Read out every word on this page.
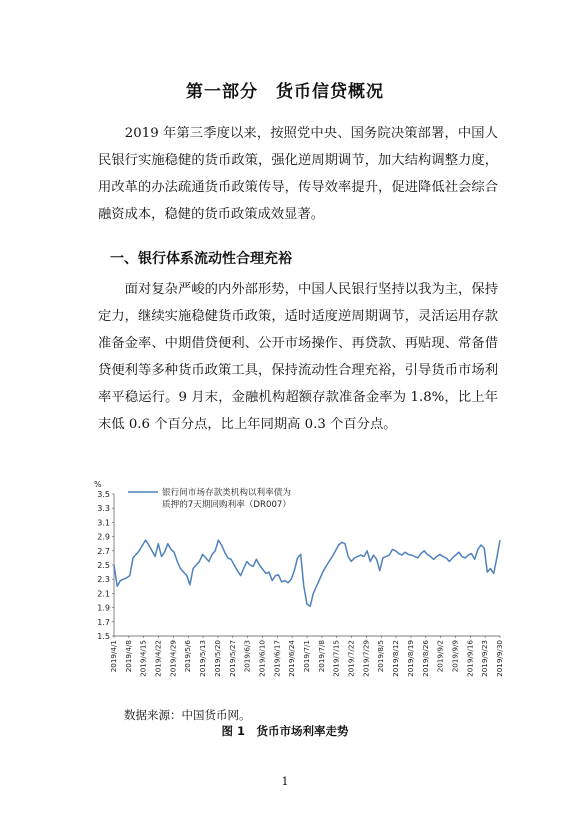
第一部分　货币信贷概况
　　2019 年第三季度以来，按照党中央、国务院决策部署，中国人民银行实施稳健的货币政策，强化逆周期调节，加大结构调整力度，用改革的办法疏通货币政策传导，传导效率提升，促进降低社会综合融资成本，稳健的货币政策成效显著。
一、银行体系流动性合理充裕
　　面对复杂严峻的内外部形势，中国人民银行坚持以我为主，保持定力，继续实施稳健货币政策，适时适度逆周期调节，灵活运用存款准备金率、中期借贷便利、公开市场操作、再贷款、再贴现、常备借贷便利等多种货币政策工具，保持流动性合理充裕，引导货币市场利率平稳运行。9 月末，金融机构超额存款准备金率为 1.8%，比上年末低 0.6 个百分点，比上年同期高 0.3 个百分点。
%
3.5
3.3
3.1
2.9
2.7
2.5
2.3
2.1
1.9
1.7
1.5
2019/4/1 2019/4/8 2019/4/15 2019/4/22 2019/4/29 2019/5/6 2019/5/13 2019/5/20 2019/5/27 2019/6/3 2019/6/10 2019/6/17 2019/6/24 2019/7/1 2019/7/8 2019/7/15 2019/7/22 2019/7/29 2019/8/5 2019/8/12 2019/8/19 2019/8/26 2019/9/2 2019/9/9 2019/9/16 2019/9/23 2019/9/30
银行间市场存款类机构以利率债为
质押的7天期回购利率（DR007）
数据来源：中国货币网。
图 1　货币市场利率走势
1
